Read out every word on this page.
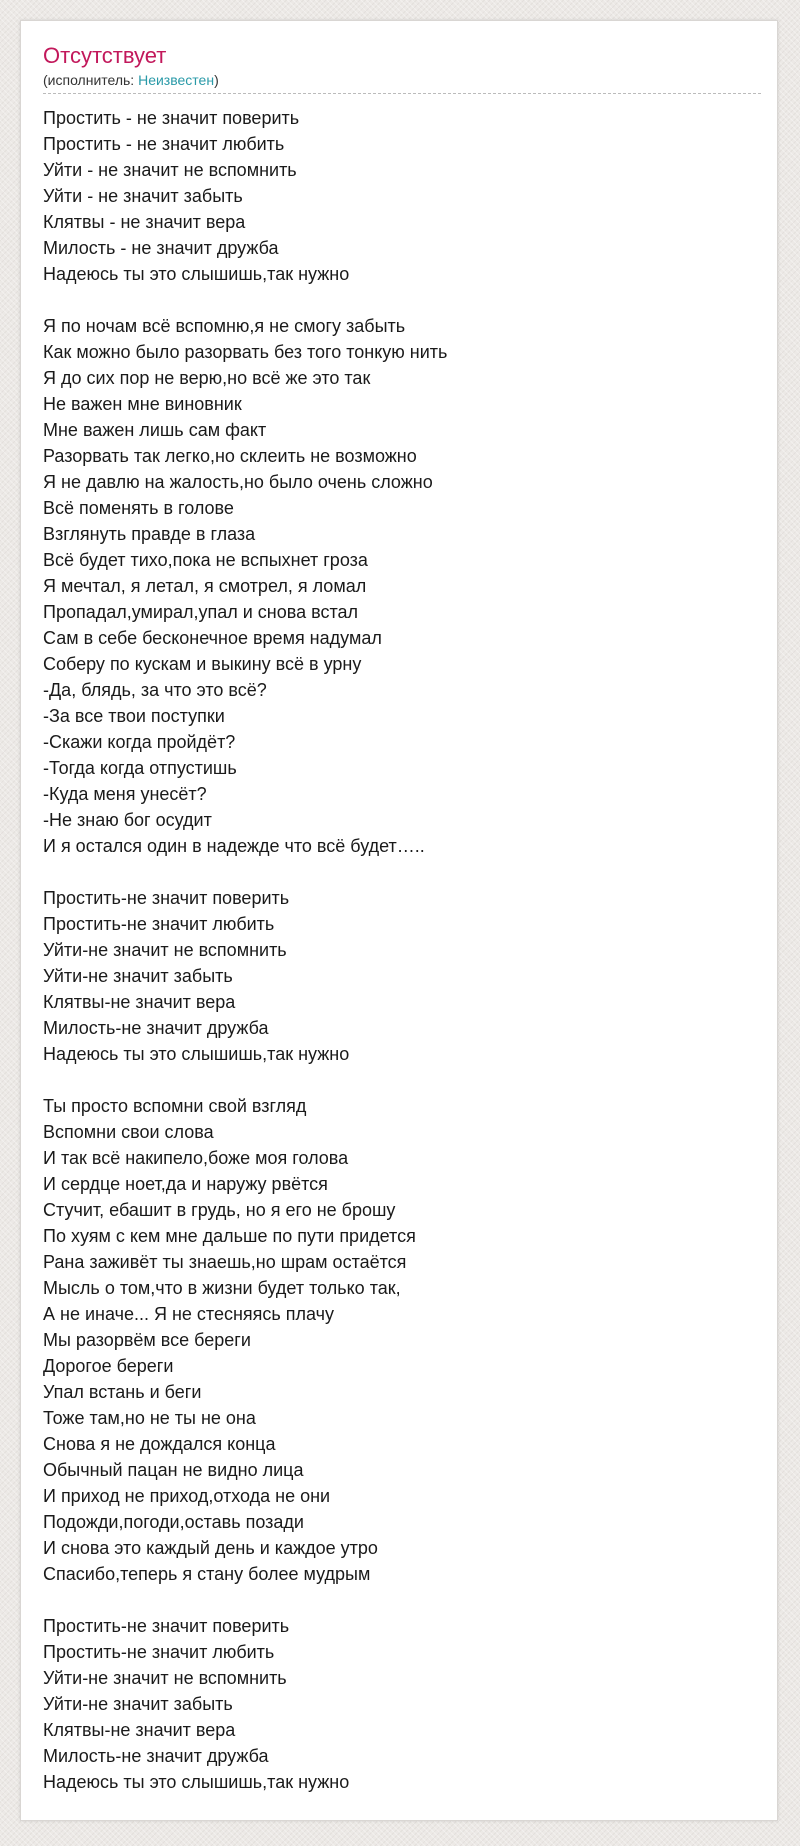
Отсутствует
(исполнитель: Неизвестен)
Простить - не значит поверить
Простить - не значит любить
Уйти - не значит не вспомнить
Уйти - не значит забыть
Клятвы - не значит вера
Милость - не значит дружба
Надеюсь ты это слышишь,так нужно
Я по ночам всё вспомню,я не смогу забыть
Как можно было разорвать без того тонкую нить
Я до сих пор не верю,но всё же это так
Не важен мне виновник
Мне важен лишь сам факт
Разорвать так легко,но склеить не возможно
Я не давлю на жалость,но было очень сложно
Всё поменять в голове
Взглянуть правде в глаза
Всё будет тихо,пока не вспыхнет гроза
Я мечтал, я летал, я смотрел, я ломал
Пропадал,умирал,упал и снова встал
Сам в себе бесконечное время надумал
Соберу по кускам и выкину всё в урну
-Да, блядь, за что это всё?
-За все твои поступки
-Скажи когда пройдёт?
-Тогда когда отпустишь
-Куда меня унесёт?
-Не знаю бог осудит
И я остался один в надежде что всё будет…..
Простить-не значит поверить
Простить-не значит любить
Уйти-не значит не вспомнить
Уйти-не значит забыть
Клятвы-не значит вера
Милость-не значит дружба
Надеюсь ты это слышишь,так нужно
Ты просто вспомни свой взгляд
Вспомни свои слова
И так всё накипело,боже моя голова
И сердце ноет,да и наружу рвётся
Стучит, ебашит в грудь, но я его не брошу
По хуям с кем мне дальше по пути придется
Рана заживёт ты знаешь,но шрам остаётся
Мысль о том,что в жизни будет только так,
А не иначе... Я не стесняясь плачу
Мы разорвём все береги
Дорогое береги
Упал встань и беги
Тоже там,но не ты не она
Снова я не дождался конца
Обычный пацан не видно лица
И приход не приход,отхода не они
Подожди,погоди,оставь позади
И снова это каждый день и каждое утро
Спасибо,теперь я стану более мудрым
Простить-не значит поверить
Простить-не значит любить
Уйти-не значит не вспомнить
Уйти-не значит забыть
Клятвы-не значит вера
Милость-не значит дружба
Надеюсь ты это слышишь,так нужно
